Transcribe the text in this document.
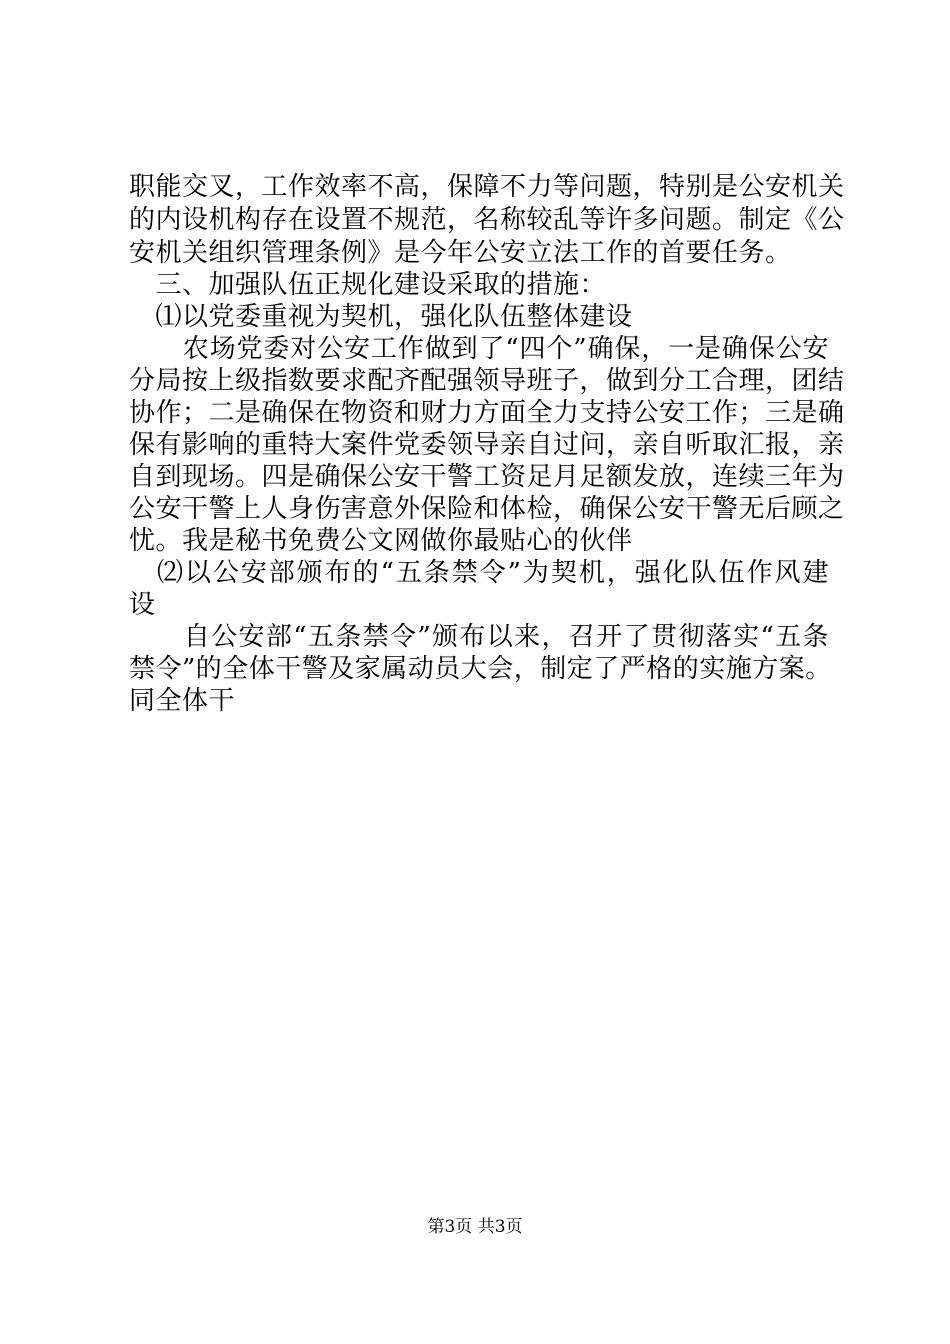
职能交叉，工作效率不高，保障不力等问题，特别是公安机关
的内设机构存在设置不规范，名称较乱等许多问题。制定《公
安机关组织管理条例》是今年公安立法工作的首要任务。
　三、加强队伍正规化建设采取的措施：
　⑴以党委重视为契机，强化队伍整体建设
　　农场党委对公安工作做到了“四个”确保，一是确保公安
分局按上级指数要求配齐配强领导班子，做到分工合理，团结
协作；二是确保在物资和财力方面全力支持公安工作；三是确
保有影响的重特大案件党委领导亲自过问，亲自听取汇报，亲
自到现场。四是确保公安干警工资足月足额发放，连续三年为
公安干警上人身伤害意外保险和体检，确保公安干警无后顾之
忧。我是秘书免费公文网做你最贴心的伙伴
　⑵以公安部颁布的“五条禁令”为契机，强化队伍作风建
设
　　自公安部“五条禁令”颁布以来，召开了贯彻落实“五条
禁令”的全体干警及家属动员大会，制定了严格的实施方案。
同全体干
第3页 共3页
